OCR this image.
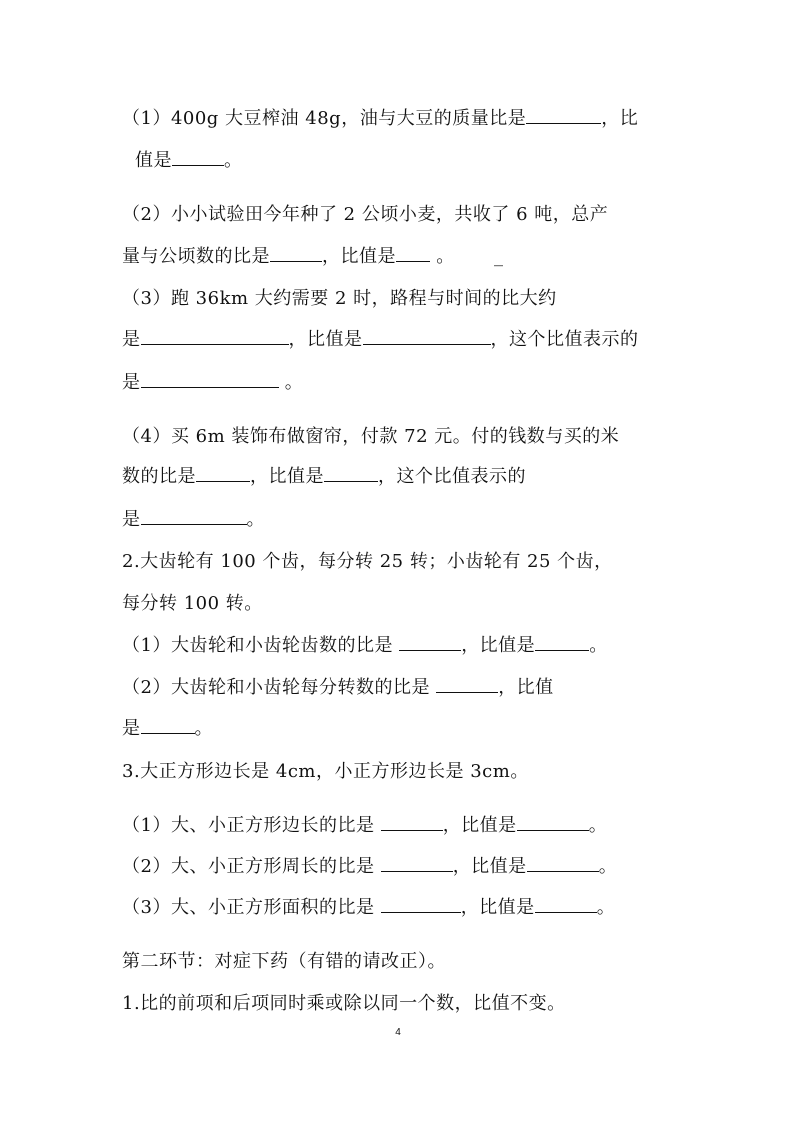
（1）400g 大豆榨油 48g，油与大豆的质量比是	，比
值是	。
（2）小小试验田今年种了 2 公顷小麦，共收了 6 吨，总产
量与公顷数的比是	，比值是 。 _
（3）跑 36km 大约需要 2 时，路程与时间的比大约
是	，比值是	，这个比值表示的
是	。
（4）买 6m 装饰布做窗帘，付款 72 元。付的钱数与买的米
数的比是	，比值是	，这个比值表示的
是	。
2.大齿轮有 100 个齿，每分转 25 转；小齿轮有 25 个齿，
每分转 100 转。
（1）大齿轮和小齿轮齿数的比是	，比值是	。
（2）大齿轮和小齿轮每分转数的比是	，比值
是	。
3.大正方形边长是 4cm，小正方形边长是 3cm。
（1）大、小正方形边长的比是	，比值是	。
（2）大、小正方形周长的比是	，比值是	。
（3）大、小正方形面积的比是	，比值是	。
第二环节：对症下药（有错的请改正）。
1.比的前项和后项同时乘或除以同一个数，比值不变。
4
